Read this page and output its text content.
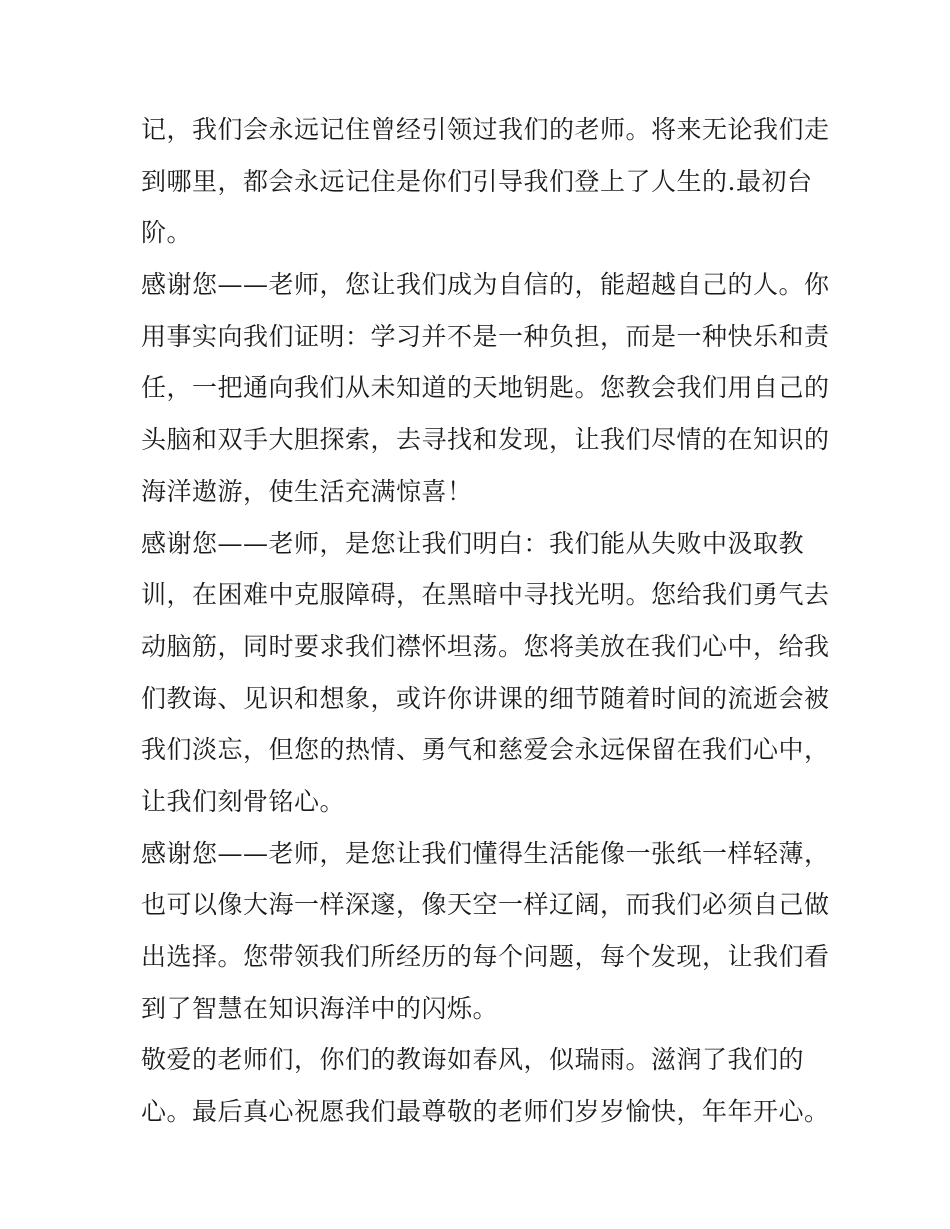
记，我们会永远记住曾经引领过我们的老师。将来无论我们走
到哪里，都会永远记住是你们引导我们登上了人生的.最初台
阶。
感谢您——老师，您让我们成为自信的，能超越自己的人。你
用事实向我们证明：学习并不是一种负担，而是一种快乐和责
任，一把通向我们从未知道的天地钥匙。您教会我们用自己的
头脑和双手大胆探索，去寻找和发现，让我们尽情的在知识的
海洋遨游，使生活充满惊喜！
感谢您——老师，是您让我们明白：我们能从失败中汲取教
训，在困难中克服障碍，在黑暗中寻找光明。您给我们勇气去
动脑筋，同时要求我们襟怀坦荡。您将美放在我们心中，给我
们教诲、见识和想象，或许你讲课的细节随着时间的流逝会被
我们淡忘，但您的热情、勇气和慈爱会永远保留在我们心中，
让我们刻骨铭心。
感谢您——老师，是您让我们懂得生活能像一张纸一样轻薄，
也可以像大海一样深邃，像天空一样辽阔，而我们必须自己做
出选择。您带领我们所经历的每个问题，每个发现，让我们看
到了智慧在知识海洋中的闪烁。
敬爱的老师们，你们的教诲如春风，似瑞雨。滋润了我们的
心。最后真心祝愿我们最尊敬的老师们岁岁愉快，年年开心。
